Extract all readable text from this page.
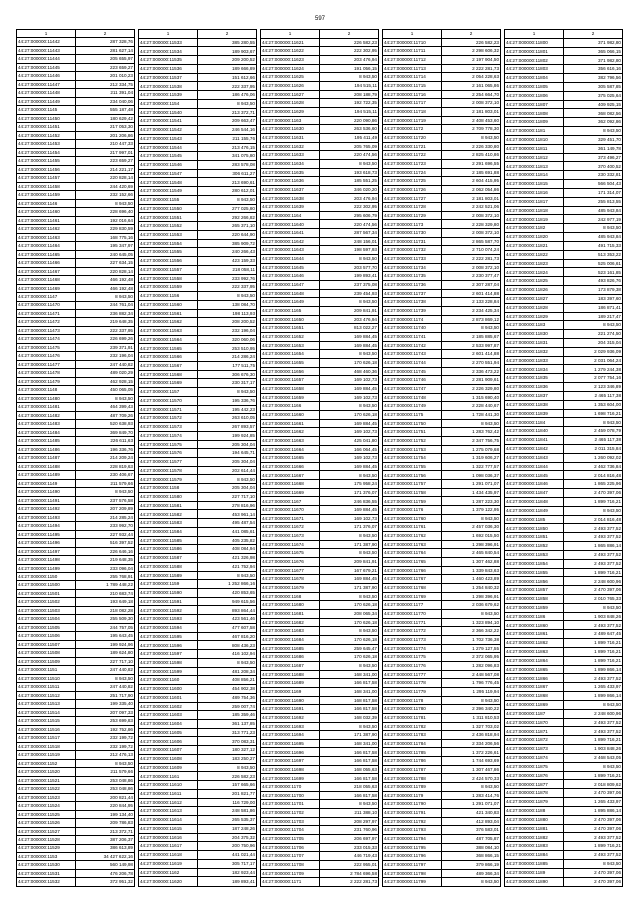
597
1	2
44:27:000000:11442	287 328,76
44:27:000000:11443	281 627,14
44:27:000000:11444	205 655,97
44:27:000000:11445	223 659,27
44:27:000000:11446	201 010,23
44:27:000000:11447	212 334,75
44:27:000000:11448	211 391,04
44:27:000000:11449	234 040,06
44:27:000000:1145	555 187,48
44:27:000000:11450	180 629,42
44:27:000000:11451	217 053,30
44:27:000000:11452	201 206,86
44:27:000000:11453	210 447,33
44:27:000000:11454	217 997,01
44:27:000000:11455	223 659,27
44:27:000000:11456	214 221,17
44:27:000000:11457	220 828,14
44:27:000000:11458	244 420,69
44:27:000000:11459	232 152,66
44:27:000000:1146	8 943,50
44:27:000000:11460	228 696,40
44:27:000000:11461	192 016,64
44:27:000000:11462	229 830,59
44:27:000000:11463	168 775,16
44:27:000000:11464	195 347,97
44:27:000000:11465	240 645,05
44:27:000000:11466	227 634,15
44:27:000000:11467	220 828,14
44:27:000000:11468	466 192,48
44:27:000000:11469	466 192,48
44:27:000000:1147	8 943,50
44:27:000000:11470	244 761,04
44:27:000000:11471	236 882,34
44:27:000000:11472	219 648,35
44:27:000000:11473	222 337,95
44:27:000000:11474	226 699,26
44:27:000000:11475	239 371,91
44:27:000000:11476	232 196,04
44:27:000000:11477	247 440,82
44:27:000000:11478	489 020,29
44:27:000000:11479	462 928,15
44:27:000000:1148	450 065,05
44:27:000000:11480	8 943,50
44:27:000000:11481	464 399,43
44:27:000000:11482	487 709,26
44:27:000000:11483	520 638,93
44:27:000000:11484	369 849,70
44:27:000000:11485	226 611,63
44:27:000000:11486	196 336,76
44:27:000000:11487	214 209,24
44:27:000000:11488	228 819,63
44:27:000000:11489	230 406,67
44:27:000000:1149	211 579,66
44:27:000000:11490	8 943,50
44:27:000000:11491	237 576,58
44:27:000000:11492	207 209,89
44:27:000000:11493	214 285,24
44:27:000000:11494	233 992,70
44:27:000000:11495	227 932,44
44:27:000000:11496	516 397,52
44:27:000000:11497	226 646,16
44:27:000000:11498	219 648,35
44:27:000000:11499	233 096,04
44:27:000000:1150	255 768,91
44:27:000000:11500	1 789 448,22
44:27:000000:11501	210 683,74
44:27:000000:11502	193 649,18
44:27:000000:11503	218 082,28
44:27:000000:11504	255 509,30
44:27:000000:11505	244 757,05
44:27:000000:11506	195 643,45
44:27:000000:11507	199 924,96
44:27:000000:11508	189 624,80
44:27:000000:11509	227 717,10
44:27:000000:1151	247 440,82
44:27:000000:11510	8 943,50
44:27:000000:11511	247 440,82
44:27:000000:11512	251 717,90
44:27:000000:11513	199 335,40
44:27:000000:11514	207 097,33
44:27:000000:11515	253 699,83
44:27:000000:11516	192 752,86
44:27:000000:11517	232 199,72
44:27:000000:11518	232 199,72
44:27:000000:11519	212 476,13
44:27:000000:1152	8 943,50
44:27:000000:11520	211 579,66
44:27:000000:11521	253 048,86
44:27:000000:11522	253 048,86
44:27:000000:11523	200 821,44
44:27:000000:11524	220 844,95
44:27:000000:11525	199 134,40
44:27:000000:11526	209 786,83
44:27:000000:11527	213 372,71
44:27:000000:11528	387 206,37
44:27:000000:11529	386 613,89
44:27:000000:1153	34 427 622,16
44:27:000000:11530	560 149,98
44:27:000000:11531	476 206,78
44:27:000000:11532	372 951,32
1	2
44:27:000000:11533	385 280,55
44:27:000000:11534	189 903,67
44:27:000000:11535	209 200,52
44:27:000000:11536	189 666,89
44:27:000000:11537	151 612,66
44:27:000000:11538	222 337,95
44:27:000000:11539	186 476,06
44:27:000000:1154	8 943,50
44:27:000000:11540	213 372,71
44:27:000000:11541	209 663,47
44:27:000000:11542	246 544,16
44:27:000000:11543	211 155,76
44:27:000000:11544	213 476,15
44:27:000000:11545	341 075,80
44:27:000000:11546	283 578,08
44:27:000000:11547	306 611,27
44:27:000000:11548	213 690,61
44:27:000000:11549	280 612,01
44:27:000000:1155	8 943,50
44:27:000000:11550	277 025,80
44:27:000000:11551	292 266,82
44:27:000000:11552	265 371,10
44:27:000000:11553	220 644,90
44:27:000000:11554	385 909,72
44:27:000000:11555	240 266,43
44:27:000000:11556	423 159,33
44:27:000000:11557	218 058,11
44:27:000000:11558	233 992,76
44:27:000000:11559	222 337,95
44:27:000000:1156	8 943,50
44:27:000000:11560	138 084,70
44:27:000000:11561	198 113,93
44:27:000000:11562	208 200,52
44:27:000000:11563	232 196,04
44:27:000000:11564	320 060,06
44:27:000000:11565	253 510,95
44:27:000000:11566	214 286,24
44:27:000000:11567	177 511,75
44:27:000000:11568	306 676,30
44:27:000000:11569	230 317,17
44:27:000000:1157	8 943,50
44:27:000000:11570	195 336,76
44:27:000000:11571	195 442,23
44:27:000000:11572	263 610,05
44:27:000000:11573	267 893,57
44:27:000000:11574	199 924,85
44:27:000000:11575	205 304,04
44:27:000000:11576	194 645,71
44:27:000000:11577	205 304,04
44:27:000000:11578	202 614,44
44:27:000000:11579	8 943,50
44:27:000000:1158	205 304,04
44:27:000000:11580	227 717,10
44:27:000000:11581	278 816,96
44:27:000000:11582	453 961,14
44:27:000000:11583	495 487,54
44:27:000000:11584	441 085,61
44:27:000000:11585	405 235,82
44:27:000000:11586	408 084,94
44:27:000000:11587	421 326,98
44:27:000000:11588	421 752,94
44:27:000000:11589	8 943,50
44:27:000000:1159	1 252 866,16
44:27:000000:11590	420 853,65
44:27:000000:11591	949 615,56
44:27:000000:11592	893 864,44
44:27:000000:11593	423 561,46
44:27:000000:11594	477 607,58
44:27:000000:11595	467 816,20
44:27:000000:11596	808 436,23
44:27:000000:11597	416 102,94
44:27:000000:11598	8 943,50
44:27:000000:11599	481 208,34
44:27:000000:1160	408 856,21
44:27:000000:11600	454 902,38
44:27:000000:11601	489 754,36
44:27:000000:11602	259 007,74
44:27:000000:11603	185 359,46
44:27:000000:11604	361 137,85
44:27:000000:11605	313 771,23
44:27:000000:11606	370 083,31
44:27:000000:11607	180 327,12
44:27:000000:11608	183 250,27
44:27:000000:11609	8 943,50
44:27:000000:1161	226 582,23
44:27:000000:11610	157 665,66
44:27:000000:11611	201 821,77
44:27:000000:11612	116 729,00
44:27:000000:11613	248 581,86
44:27:000000:11614	265 535,37
44:27:000000:11615	187 248,26
44:27:000000:11616	204 375,32
44:27:000000:11617	200 750,96
44:27:000000:11618	441 021,44
44:27:000000:11619	305 717,17
44:27:000000:1162	182 923,44
44:27:000000:11620	189 893,41
1	2
44:27:000000:11621	226 582,23
44:27:000000:11622	222 302,95
44:27:000000:11623	203 476,94
44:27:000000:11624	191 056,15
44:27:000000:11625	8 943,50
44:27:000000:11626	194 515,11
44:27:000000:11627	208 188,79
44:27:000000:11628	192 722,35
44:27:000000:11629	194 515,11
44:27:000000:1163	220 090,86
44:27:000000:11630	263 536,60
44:27:000000:11631	195 411,49
44:27:000000:11632	205 765,09
44:27:000000:11633	220 474,56
44:27:000000:11634	8 943,50
44:27:000000:11635	193 618,73
44:27:000000:11636	185 551,25
44:27:000000:11637	346 020,20
44:27:000000:11638	203 476,94
44:27:000000:11639	222 302,95
44:27:000000:1164	295 606,79
44:27:000000:11640	220 474,56
44:27:000000:11641	287 567,34
44:27:000000:11642	248 156,01
44:27:000000:11643	198 597,93
44:27:000000:11644	8 943,50
44:27:000000:11645	203 577,70
44:27:000000:11646	199 893,41
44:27:000000:11647	237 375,08
44:27:000000:11648	239 454,93
44:27:000000:11649	8 943,50
44:27:000000:1165	209 841,91
44:27:000000:11650	203 476,94
44:27:000000:11651	813 022,27
44:27:000000:11652	169 884,45
44:27:000000:11653	169 884,45
44:27:000000:11654	8 943,50
44:27:000000:11655	170 626,18
44:27:000000:11656	468 460,36
44:27:000000:11657	169 102,73
44:27:000000:11658	169 884,45
44:27:000000:11659	169 102,73
44:27:000000:1166	8 943,50
44:27:000000:11660	170 626,18
44:27:000000:11661	169 884,45
44:27:000000:11662	169 102,73
44:27:000000:11663	425 041,80
44:27:000000:11664	166 064,45
44:27:000000:11665	169 102,73
44:27:000000:11666	169 884,45
44:27:000000:11667	8 943,50
44:27:000000:11668	175 958,24
44:27:000000:11669	171 376,07
44:27:000000:1167	246 836,55
44:27:000000:11670	169 884,45
44:27:000000:11671	169 102,73
44:27:000000:11672	171 376,07
44:27:000000:11673	8 943,50
44:27:000000:11674	171 387,90
44:27:000000:11675	8 943,50
44:27:000000:11676	209 841,91
44:27:000000:11677	167 679,21
44:27:000000:11678	169 884,45
44:27:000000:11679	171 387,90
44:27:000000:1168	8 943,50
44:27:000000:11680	170 626,18
44:27:000000:11681	208 065,34
44:27:000000:11682	170 626,18
44:27:000000:11683	8 943,50
44:27:000000:11684	170 626,18
44:27:000000:11685	259 645,47
44:27:000000:11686	170 626,18
44:27:000000:11687	8 943,50
44:27:000000:11688	168 341,00
44:27:000000:11689	166 817,58
44:27:000000:1169	168 341,00
44:27:000000:11690	168 817,58
44:27:000000:11691	166 817,58
44:27:000000:11692	168 032,39
44:27:000000:11693	8 943,50
44:27:000000:11694	171 387,90
44:27:000000:11695	168 341,00
44:27:000000:11696	166 817,58
44:27:000000:11697	166 817,58
44:27:000000:11698	168 055,63
44:27:000000:11699	166 817,58
44:27:000000:1170	218 055,63
44:27:000000:11700	166 817,58
44:27:000000:11701	8 943,50
44:27:000000:11702	211 388,10
44:27:000000:11703	208 297,97
44:27:000000:11704	231 760,96
44:27:000000:11705	206 697,97
44:27:000000:11706	233 015,33
44:27:000000:11707	446 719,43
44:27:000000:11708	222 955,01
44:27:000000:11709	2 784 696,58
44:27:000000:1171	2 222 281,73
1	2
44:27:000000:11710	226 582,23
44:27:000000:11711	2 298 606,32
44:27:000000:11712	2 197 904,50
44:27:000000:11713	2 222 281,73
44:27:000000:11714	2 054 228,63
44:27:000000:11715	2 161 065,86
44:27:000000:11716	2 254 664,70
44:27:000000:11717	2 008 372,10
44:27:000000:11718	2 181 803,01
44:27:000000:11719	2 408 453,60
44:27:000000:1172	2 709 778,30
44:27:000000:11720	8 943,50
44:27:000000:11721	2 226 330,80
44:27:000000:11722	2 825 410,86
44:27:000000:11723	2 291 696,55
44:27:000000:11724	2 185 691,88
44:27:000000:11725	2 604 415,95
44:27:000000:11726	2 062 054,86
44:27:000000:11727	2 181 803,01
44:27:000000:11728	2 242 521,06
44:27:000000:11729	2 008 372,10
44:27:000000:1173	2 228 329,80
44:27:000000:11730	2 008 372,10
44:27:000000:11731	2 865 587,70
44:27:000000:11732	2 710 074,24
44:27:000000:11733	2 222 281,73
44:27:000000:11734	2 008 372,10
44:27:000000:11735	2 230 377,47
44:27:000000:11736	2 307 287,04
44:27:000000:11737	2 601 414,88
44:27:000000:11738	2 133 228,84
44:27:000000:11739	2 234 425,34
44:27:000000:1174	2 873 869,12
44:27:000000:11740	8 943,50
44:27:000000:11741	2 185 885,67
44:27:000000:11742	2 533 997,87
44:27:000000:11743	2 601 414,88
44:27:000000:11744	2 270 551,94
44:27:000000:11745	2 336 473,22
44:27:000000:11746	2 281 909,61
44:27:000000:11747	2 226 329,80
44:27:000000:11748	1 315 690,40
44:27:000000:11749	2 228 440,67
44:27:000000:1175	1 728 441,30
44:27:000000:11750	8 943,50
44:27:000000:11751	1 283 762,42
44:27:000000:11752	2 347 756,75
44:27:000000:11753	1 275 079,68
44:27:000000:11754	1 319 606,27
44:27:000000:11755	1 322 777,57
44:27:000000:11756	1 098 036,37
44:27:000000:11757	1 291 071,07
44:27:000000:11758	1 434 435,97
44:27:000000:11759	1 287 223,30
44:27:000000:1176	1 379 122,95
44:27:000000:11760	8 943,50
44:27:000000:11761	2 457 036,30
44:27:000000:11762	1 692 015,50
44:27:000000:11763	1 298 396,91
44:27:000000:11764	2 465 840,54
44:27:000000:11765	1 307 462,88
44:27:000000:11766	1 339 843,63
44:27:000000:11767	1 460 423,89
44:27:000000:11768	1 254 840,32
44:27:000000:11769	1 298 396,91
44:27:000000:1177	2 036 679,62
44:27:000000:11770	8 943,50
44:27:000000:11771	1 323 894,10
44:27:000000:11772	2 366 342,22
44:27:000000:11773	1 702 736,38
44:27:000000:11774	1 279 127,55
44:27:000000:11775	2 372 065,95
44:27:000000:11776	1 282 096,83
44:27:000000:11777	2 448 567,08
44:27:000000:11778	1 796 776,45
44:27:000000:11779	1 295 119,94
44:27:000000:1178	8 943,50
44:27:000000:11780	2 396 340,22
44:27:000000:11781	1 311 810,53
44:27:000000:11782	1 327 703,02
44:27:000000:11783	2 436 818,94
44:27:000000:11784	2 334 206,56
44:27:000000:11785	1 372 226,61
44:27:000000:11786	1 744 693,69
44:27:000000:11787	1 307 467,86
44:27:000000:11788	2 424 570,33
44:27:000000:11789	8 943,50
44:27:000000:1179	1 283 414,76
44:27:000000:11790	1 291 071,07
44:27:000000:11791	421 340,83
44:27:000000:11792	412 893,04
44:27:000000:11793	376 583,01
44:27:000000:11794	487 705,87
44:27:000000:11795	388 084,10
44:27:000000:11796	368 866,15
44:27:000000:11797	379 866,19
44:27:000000:11798	489 366,34
44:27:000000:11799	8 943,50
1	2
44:27:000000:11800	371 982,80
44:27:000000:11801	365 066,15
44:27:000000:11802	371 982,80
44:27:000000:11803	356 616,16
44:27:000000:11804	382 796,56
44:27:000000:11805	305 587,85
44:27:000000:11806	375 025,64
44:27:000000:11807	409 925,15
44:27:000000:11808	368 082,56
44:27:000000:11809	362 092,86
44:27:000000:1181	8 943,50
44:27:000000:11810	329 451,70
44:27:000000:11811	361 149,78
44:27:000000:11812	373 496,27
44:27:000000:11813	370 400,52
44:27:000000:11814	230 332,81
44:27:000000:11815	566 504,43
44:27:000000:11816	171 314,07
44:27:000000:11817	255 813,55
44:27:000000:11818	485 943,84
44:27:000000:11819	242 977,19
44:27:000000:1182	8 943,50
44:27:000000:11820	485 943,84
44:27:000000:11821	491 715,33
44:27:000000:11822	513 353,22
44:27:000000:11823	525 006,61
44:27:000000:11824	523 161,85
44:27:000000:11825	493 826,76
44:27:000000:11826	173 879,38
44:27:000000:11827	183 397,60
44:27:000000:11828	186 871,41
44:27:000000:11829	189 217,47
44:27:000000:1183	8 943,50
44:27:000000:11830	221 274,50
44:27:000000:11831	204 315,04
44:27:000000:11832	2 029 936,09
44:27:000000:11833	2 031 064,24
44:27:000000:11834	1 279 244,38
44:27:000000:11835	2 077 754,16
44:27:000000:11836	2 123 346,89
44:27:000000:11837	2 465 117,38
44:27:000000:11838	1 353 604,00
44:27:000000:11839	1 698 716,21
44:27:000000:1184	8 943,50
44:27:000000:11840	2 459 078,79
44:27:000000:11841	2 465 117,38
44:27:000000:11842	2 011 315,84
44:27:000000:11843	1 260 092,02
44:27:000000:11844	2 462 736,84
44:27:000000:11845	2 014 816,48
44:27:000000:11846	1 865 225,96
44:27:000000:11847	2 470 397,06
44:27:000000:11848	1 899 716,21
44:27:000000:11849	8 943,50
44:27:000000:1185	2 014 816,48
44:27:000000:11850	2 493 377,52
44:27:000000:11851	2 493 377,52
44:27:000000:11852	1 865 886,14
44:27:000000:11853	2 493 377,52
44:27:000000:11854	2 493 377,52
44:27:000000:11855	1 899 716,21
44:27:000000:11856	2 248 600,96
44:27:000000:11857	2 470 397,06
44:27:000000:11858	2 010 765,33
44:27:000000:11859	8 943,50
44:27:000000:1186	1 903 848,26
44:27:000000:11860	2 493 377,52
44:27:000000:11861	2 489 647,45
44:27:000000:11862	1 899 716,21
44:27:000000:11863	1 899 716,21
44:27:000000:11864	1 899 716,21
44:27:000000:11865	1 899 866,14
44:27:000000:11866	2 493 377,52
44:27:000000:11867	1 265 433,97
44:27:000000:11868	1 899 866,14
44:27:000000:11869	8 943,50
44:27:000000:1187	2 248 600,96
44:27:000000:11870	2 493 377,52
44:27:000000:11871	2 493 377,52
44:27:000000:11872	1 899 716,21
44:27:000000:11873	1 903 848,26
44:27:000000:11874	2 468 543,05
44:27:000000:11875	8 943,50
44:27:000000:11876	1 899 716,21
44:27:000000:11877	2 018 809,62
44:27:000000:11878	2 470 397,06
44:27:000000:11879	1 265 433,97
44:27:000000:1188	1 895 886,14
44:27:000000:11880	2 470 397,06
44:27:000000:11881	2 470 397,06
44:27:000000:11882	2 493 377,52
44:27:000000:11883	1 899 716,21
44:27:000000:11884	2 493 377,52
44:27:000000:11885	8 943,50
44:27:000000:1189	2 470 397,06
44:27:000000:11890	2 470 397,06
